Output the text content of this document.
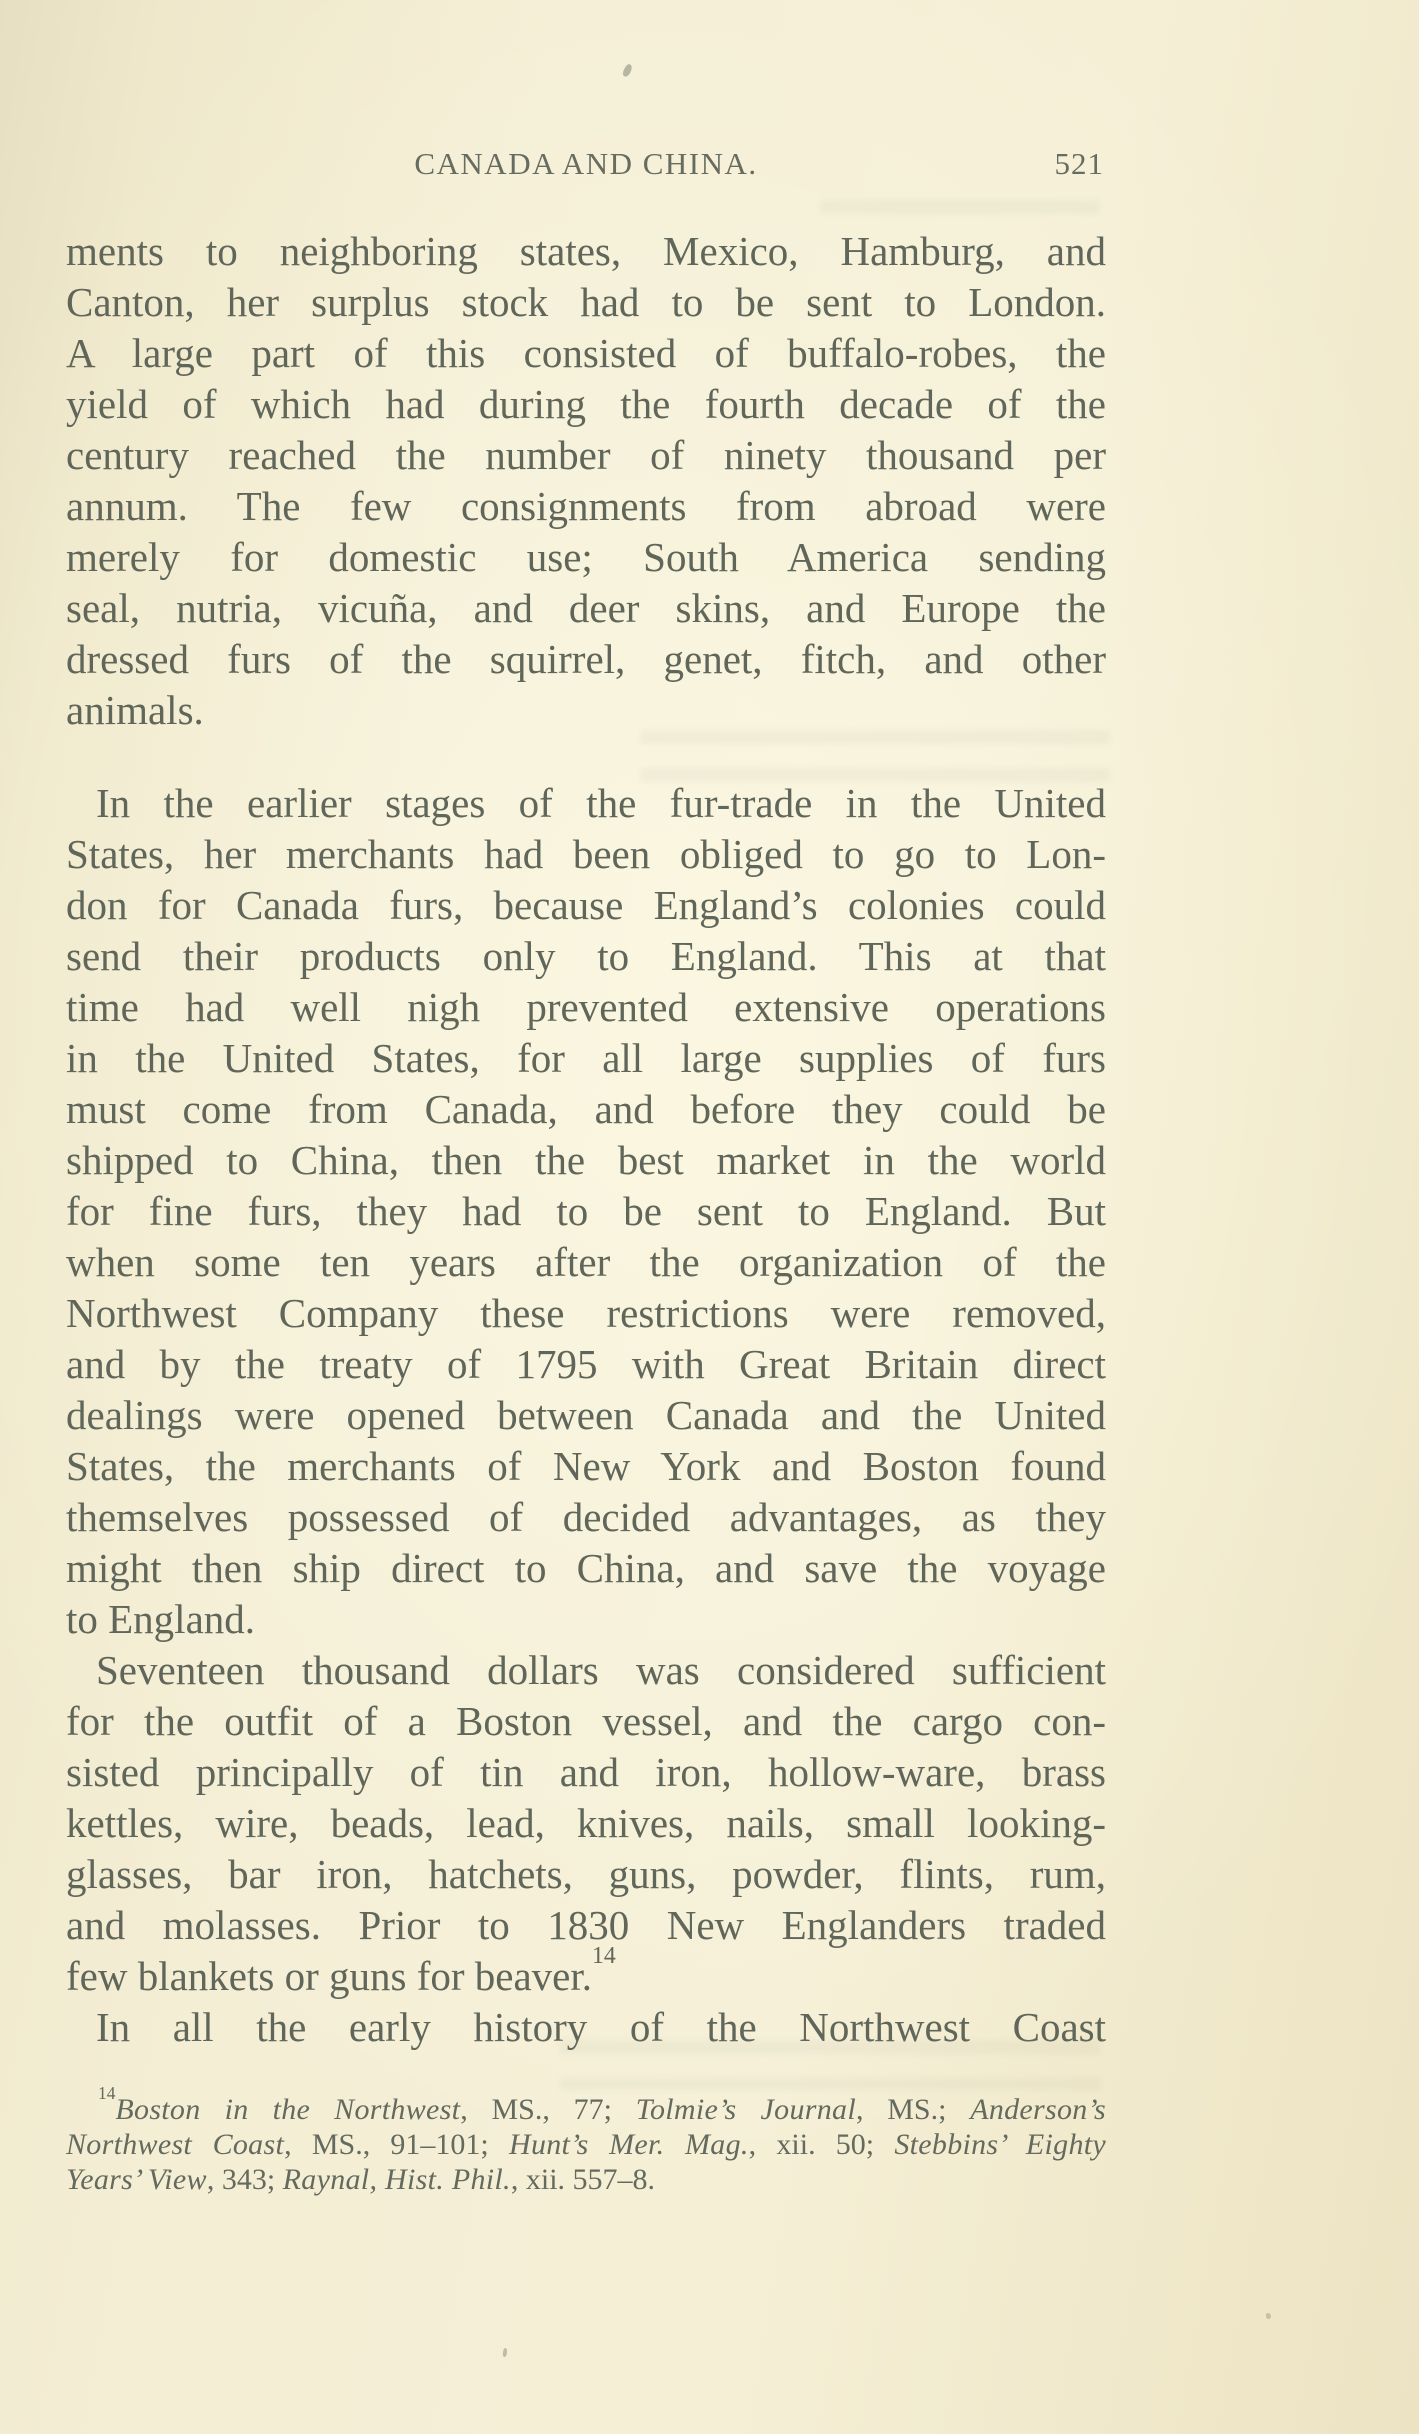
CANADA AND CHINA.	521
ments to neighboring states, Mexico, Hamburg, and
Canton, her surplus stock had to be sent to London.
A large part of this consisted of buffalo-robes, the
yield of which had during the fourth decade of the
century reached the number of ninety thousand per
annum. The few consignments from abroad were
merely for domestic use; South America sending
seal, nutria, vicuña, and deer skins, and Europe the
dressed furs of the squirrel, genet, fitch, and other
animals.
In the earlier stages of the fur-trade in the United
States, her merchants had been obliged to go to Lon-
don for Canada furs, because England’s colonies could
send their products only to England. This at that
time had well nigh prevented extensive operations
in the United States, for all large supplies of furs
must come from Canada, and before they could be
shipped to China, then the best market in the world
for fine furs, they had to be sent to England. But
when some ten years after the organization of the
Northwest Company these restrictions were removed,
and by the treaty of 1795 with Great Britain direct
dealings were opened between Canada and the United
States, the merchants of New York and Boston found
themselves possessed of decided advantages, as they
might then ship direct to China, and save the voyage
to England.
Seventeen thousand dollars was considered sufficient
for the outfit of a Boston vessel, and the cargo con-
sisted principally of tin and iron, hollow-ware, brass
kettles, wire, beads, lead, knives, nails, small looking-
glasses, bar iron, hatchets, guns, powder, flints, rum,
and molasses. Prior to 1830 New Englanders traded
few blankets or guns for beaver.$^{14}$
In all the early history of the Northwest Coast
$^{14}$Boston in the Northwest, MS., 77; Tolmie’s Journal, MS.; Anderson’s
Northwest Coast, MS., 91–101; Hunt’s Mer. Mag., xii. 50; Stebbins’ Eighty
Years’ View, 343; Raynal, Hist. Phil., xii. 557–8.
